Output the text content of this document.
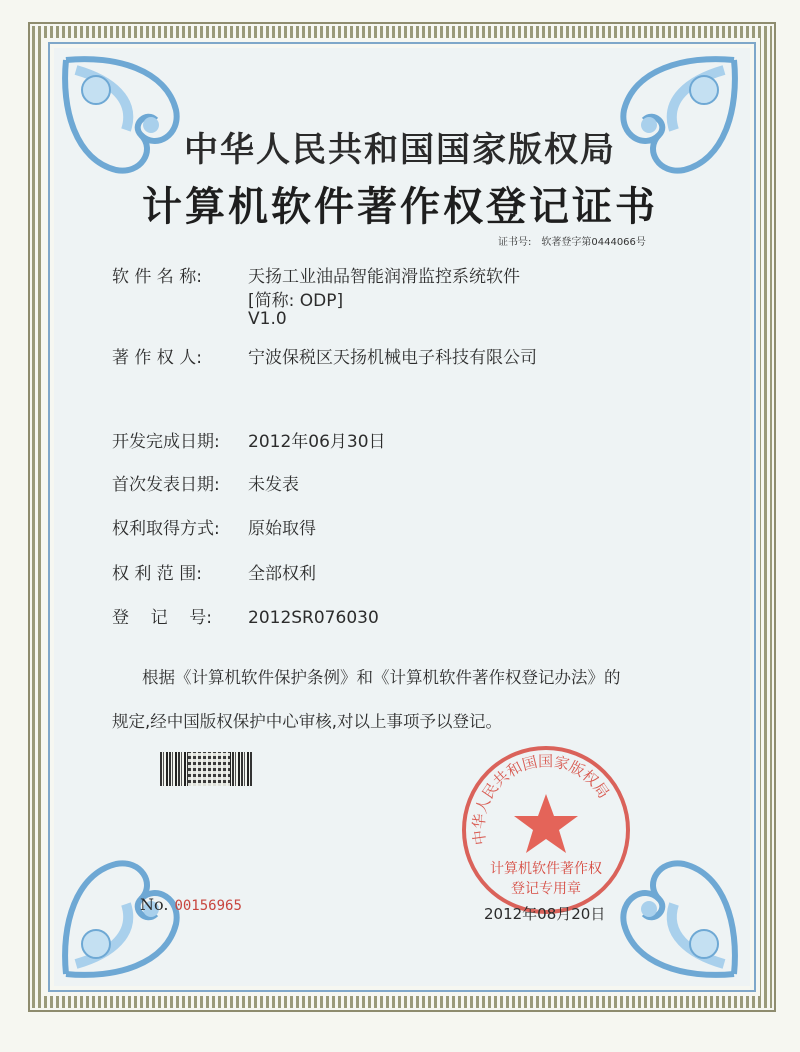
中华人民共和国国家版权局
计算机软件著作权登记证书
证书号: 软著登字第0444066号
软 件 名 称:	天扬工业油品智能润滑监控系统软件
[简称: ODP]
V1.0
著 作 权 人:	宁波保税区天扬机械电子科技有限公司
开发完成日期: 2012年06月30日
首次发表日期: 未发表
权利取得方式: 原始取得
权 利 范 围:	全部权利
登    记    号: 2012SR076030
根据《计算机软件保护条例》和《计算机软件著作权登记办法》的
规定,经中国版权保护中心审核,对以上事项予以登记。
中华人民共和国国家版权局
计算机软件著作权
登记专用章
No. 00156965	2012年08月20日
